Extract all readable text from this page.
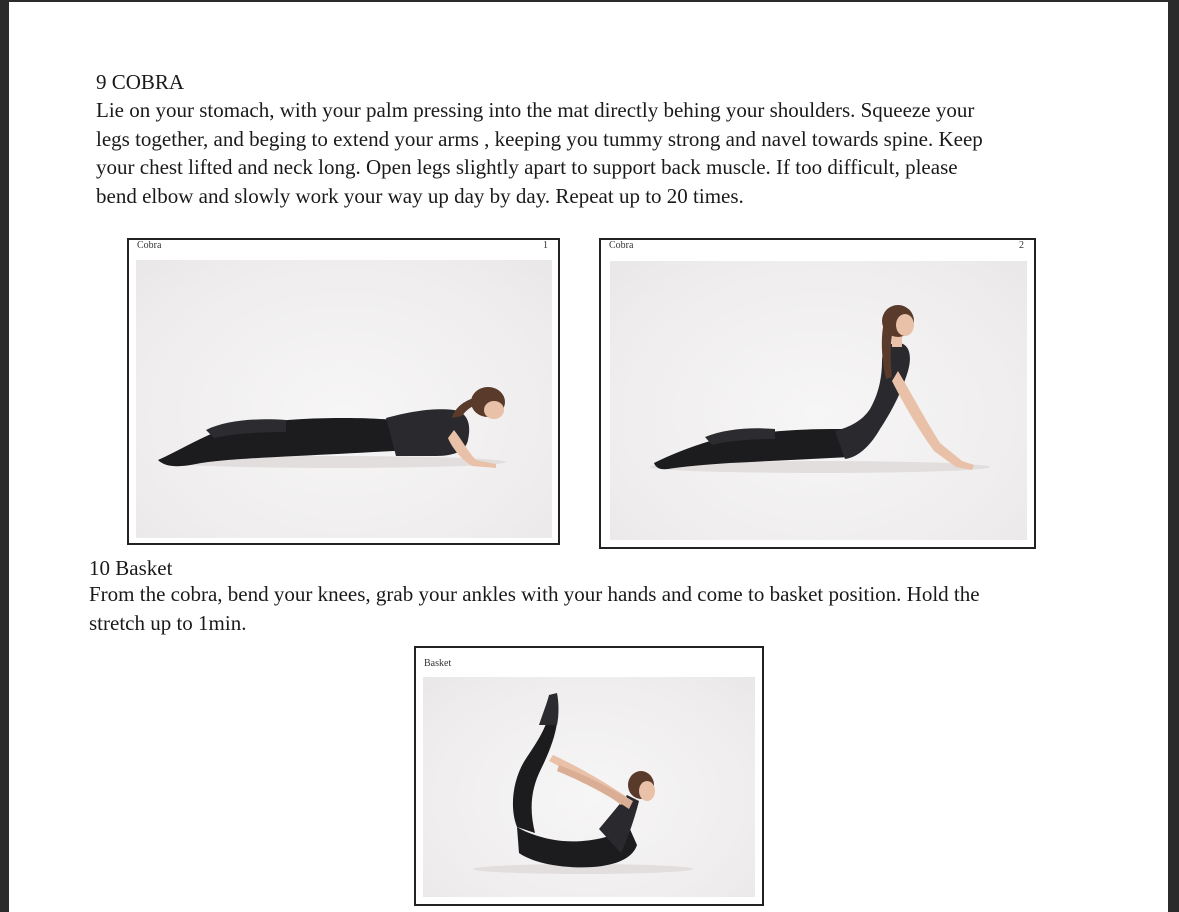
9 COBRA

Lie on your stomach, with your palm pressing into the mat directly behing your shoulders. Squeeze your
legs together, and beging to extend your arms , keeping you tummy strong and navel towards spine. Keep
your chest lifted and neck long. Open legs slightly apart to support back muscle. If too difficult, please
bend elbow and slowly work your way up day by day. Repeat up to 20 times.

Cobra	1	Cobra	2
10 Basket

From the cobra, bend your knees, grab your ankles with your hands and come to basket position. Hold the
stretch up to 1min.

Basket
